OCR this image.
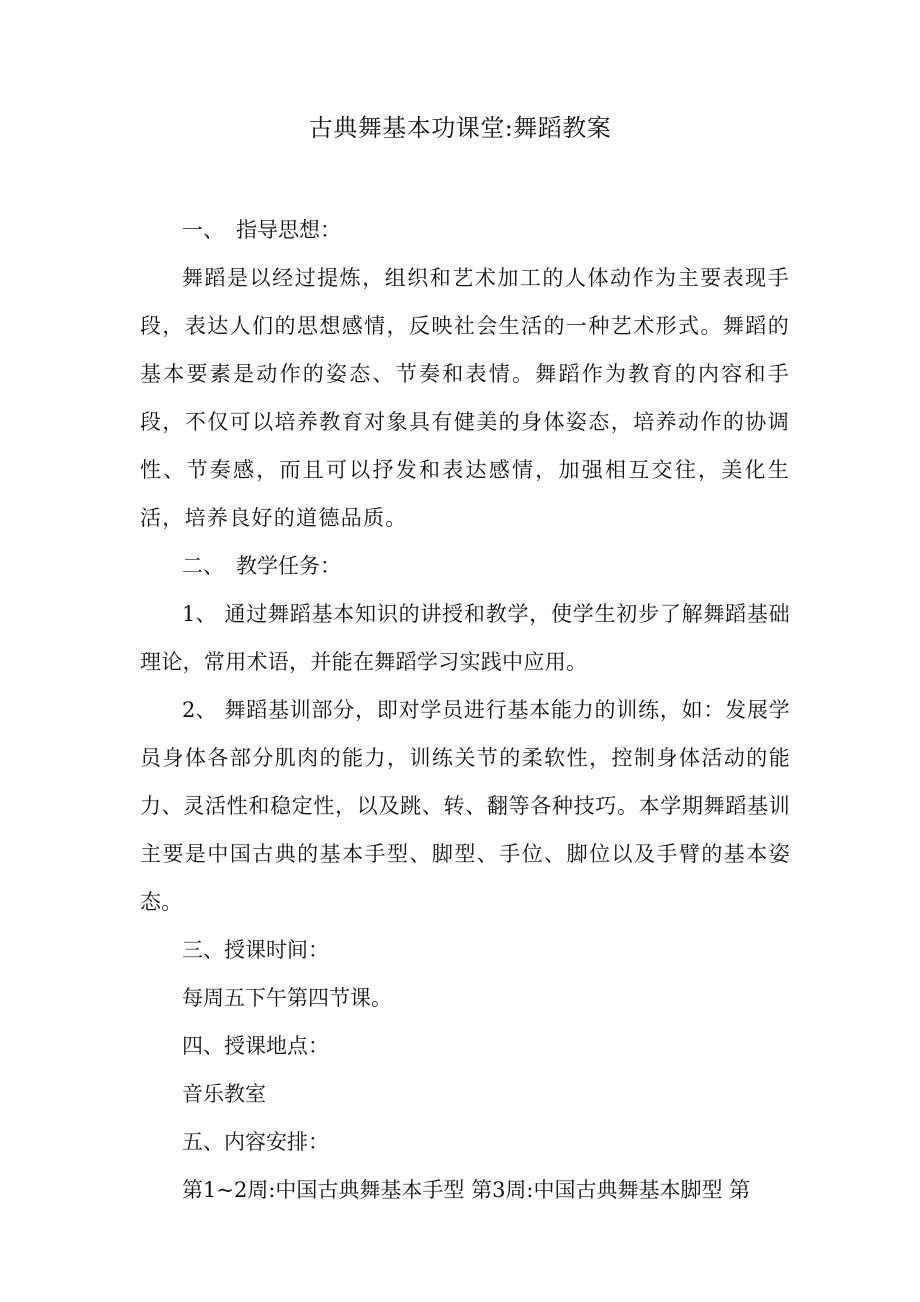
古典舞基本功课堂:舞蹈教案

一、 指导思想：

舞蹈是以经过提炼，组织和艺术加工的人体动作为主要表现手段，表达人们的思想感情，反映社会生活的一种艺术形式。舞蹈的基本要素是动作的姿态、节奏和表情。舞蹈作为教育的内容和手段，不仅可以培养教育对象具有健美的身体姿态，培养动作的协调性、节奏感，而且可以抒发和表达感情，加强相互交往，美化生活，培养良好的道德品质。

二、 教学任务：

1、 通过舞蹈基本知识的讲授和教学，使学生初步了解舞蹈基础理论，常用术语，并能在舞蹈学习实践中应用。

2、 舞蹈基训部分，即对学员进行基本能力的训练，如：发展学员身体各部分肌肉的能力，训练关节的柔软性，控制身体活动的能力、灵活性和稳定性，以及跳、转、翻等各种技巧。本学期舞蹈基训主要是中国古典的基本手型、脚型、手位、脚位以及手臂的基本姿态。

三、授课时间：

每周五下午第四节课。

四、授课地点：

音乐教室

五、内容安排：

第1~2周:中国古典舞基本手型 第3周:中国古典舞基本脚型 第
